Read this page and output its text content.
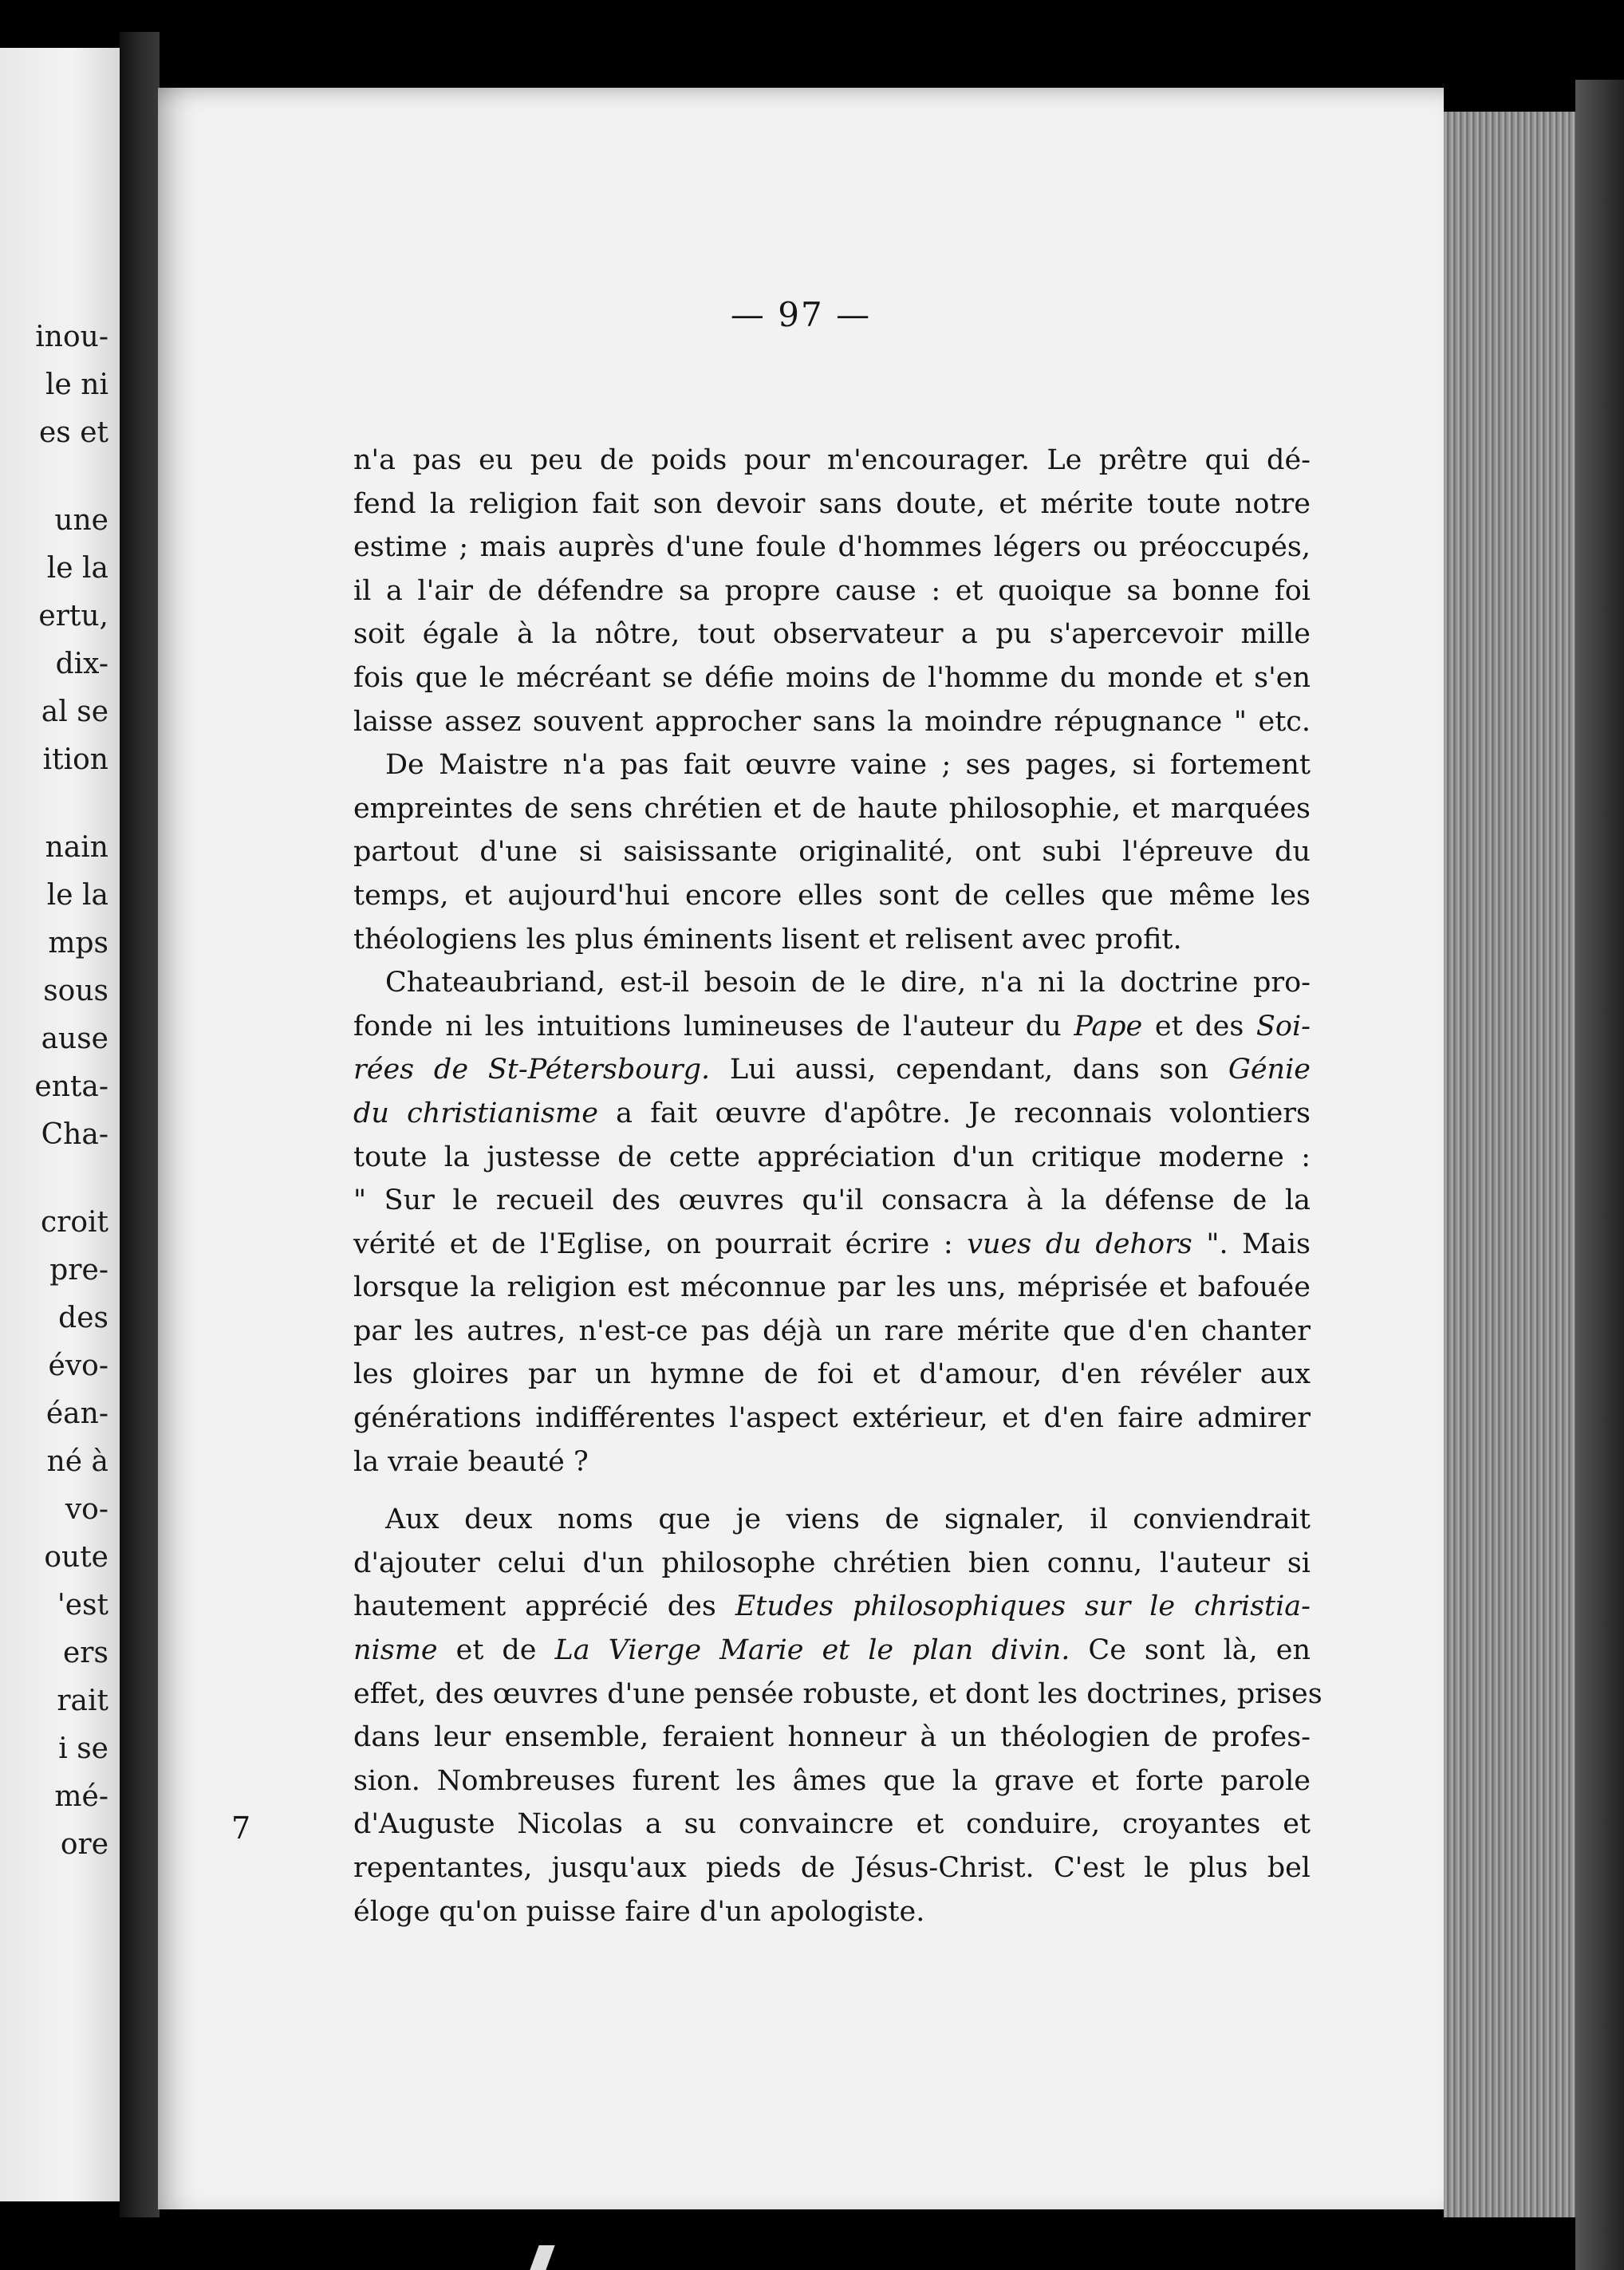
inou-
le ni
es et
une
le la
ertu,
dix-
al se
ition
nain
le la
mps
sous
ause
enta-
Cha-
croit
pre-
des
évo-
éan-
né à
vo-
oute
'est
ers
rait
i se
mé-
ore
— 97 —
n'a pas eu peu de poids pour m'encourager. Le prêtre qui dé-
fend la religion fait son devoir sans doute, et mérite toute notre
estime ; mais auprès d'une foule d'hommes légers ou préoccupés,
il a l'air de défendre sa propre cause : et quoique sa bonne foi
soit égale à la nôtre, tout observateur a pu s'apercevoir mille
fois que le mécréant se défie moins de l'homme du monde et s'en
laisse assez souvent approcher sans la moindre répugnance " etc.
De Maistre n'a pas fait œuvre vaine ; ses pages, si fortement
empreintes de sens chrétien et de haute philosophie, et marquées
partout d'une si saisissante originalité, ont subi l'épreuve du
temps, et aujourd'hui encore elles sont de celles que même les
théologiens les plus éminents lisent et relisent avec profit.
Chateaubriand, est-il besoin de le dire, n'a ni la doctrine pro-
fonde ni les intuitions lumineuses de l'auteur du Pape et des Soi-
rées de St-Pétersbourg. Lui aussi, cependant, dans son Génie
du christianisme a fait œuvre d'apôtre. Je reconnais volontiers
toute la justesse de cette appréciation d'un critique moderne :
" Sur le recueil des œuvres qu'il consacra à la défense de la
vérité et de l'Eglise, on pourrait écrire : vues du dehors ". Mais
lorsque la religion est méconnue par les uns, méprisée et bafouée
par les autres, n'est-ce pas déjà un rare mérite que d'en chanter
les gloires par un hymne de foi et d'amour, d'en révéler aux
générations indifférentes l'aspect extérieur, et d'en faire admirer
la vraie beauté ?
Aux deux noms que je viens de signaler, il conviendrait
d'ajouter celui d'un philosophe chrétien bien connu, l'auteur si
hautement apprécié des Etudes philosophiques sur le christia-
nisme et de La Vierge Marie et le plan divin. Ce sont là, en
effet, des œuvres d'une pensée robuste, et dont les doctrines, prises
dans leur ensemble, feraient honneur à un théologien de profes-
sion. Nombreuses furent les âmes que la grave et forte parole
d'Auguste Nicolas a su convaincre et conduire, croyantes et
repentantes, jusqu'aux pieds de Jésus-Christ. C'est le plus bel
éloge qu'on puisse faire d'un apologiste.
7
